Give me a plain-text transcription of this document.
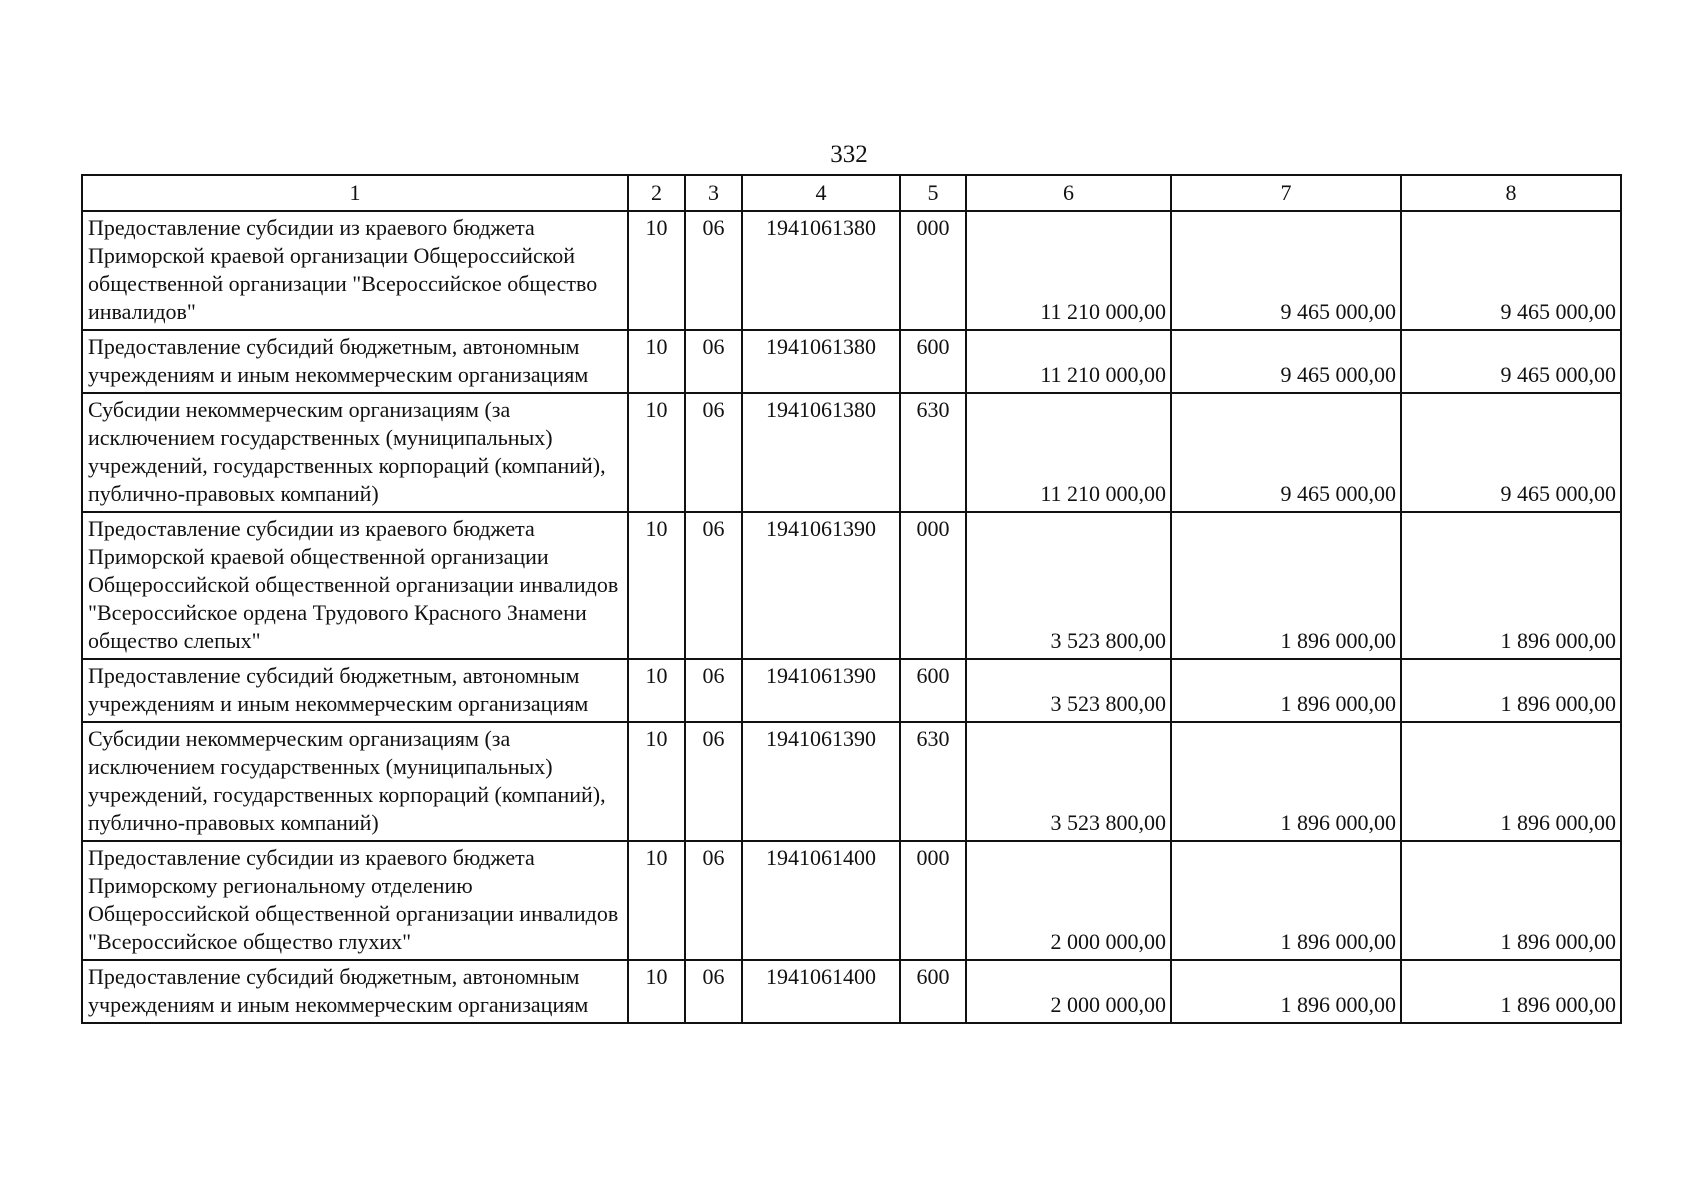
332
1	2	3	4	5	6	7	8
Предоставление субсидии из краевого бюджета Приморской краевой организации Общероссийской общественной организации "Всероссийское общество инвалидов"	10	06	1941061380	000	11 210 000,00	9 465 000,00	9 465 000,00
Предоставление субсидий бюджетным, автономным учреждениям и иным некоммерческим организациям	10	06	1941061380	600	11 210 000,00	9 465 000,00	9 465 000,00
Субсидии некоммерческим организациям (за исключением государственных (муниципальных) учреждений, государственных корпораций (компаний), публично-правовых компаний)	10	06	1941061380	630	11 210 000,00	9 465 000,00	9 465 000,00
Предоставление субсидии из краевого бюджета Приморской краевой общественной организации Общероссийской общественной организации инвалидов "Всероссийское ордена Трудового Красного Знамени общество слепых"	10	06	1941061390	000	3 523 800,00	1 896 000,00	1 896 000,00
Предоставление субсидий бюджетным, автономным учреждениям и иным некоммерческим организациям	10	06	1941061390	600	3 523 800,00	1 896 000,00	1 896 000,00
Субсидии некоммерческим организациям (за исключением государственных (муниципальных) учреждений, государственных корпораций (компаний), публично-правовых компаний)	10	06	1941061390	630	3 523 800,00	1 896 000,00	1 896 000,00
Предоставление субсидии из краевого бюджета Приморскому региональному отделению Общероссийской общественной организации инвалидов "Всероссийское общество глухих"	10	06	1941061400	000	2 000 000,00	1 896 000,00	1 896 000,00
Предоставление субсидий бюджетным, автономным учреждениям и иным некоммерческим организациям	10	06	1941061400	600	2 000 000,00	1 896 000,00	1 896 000,00
